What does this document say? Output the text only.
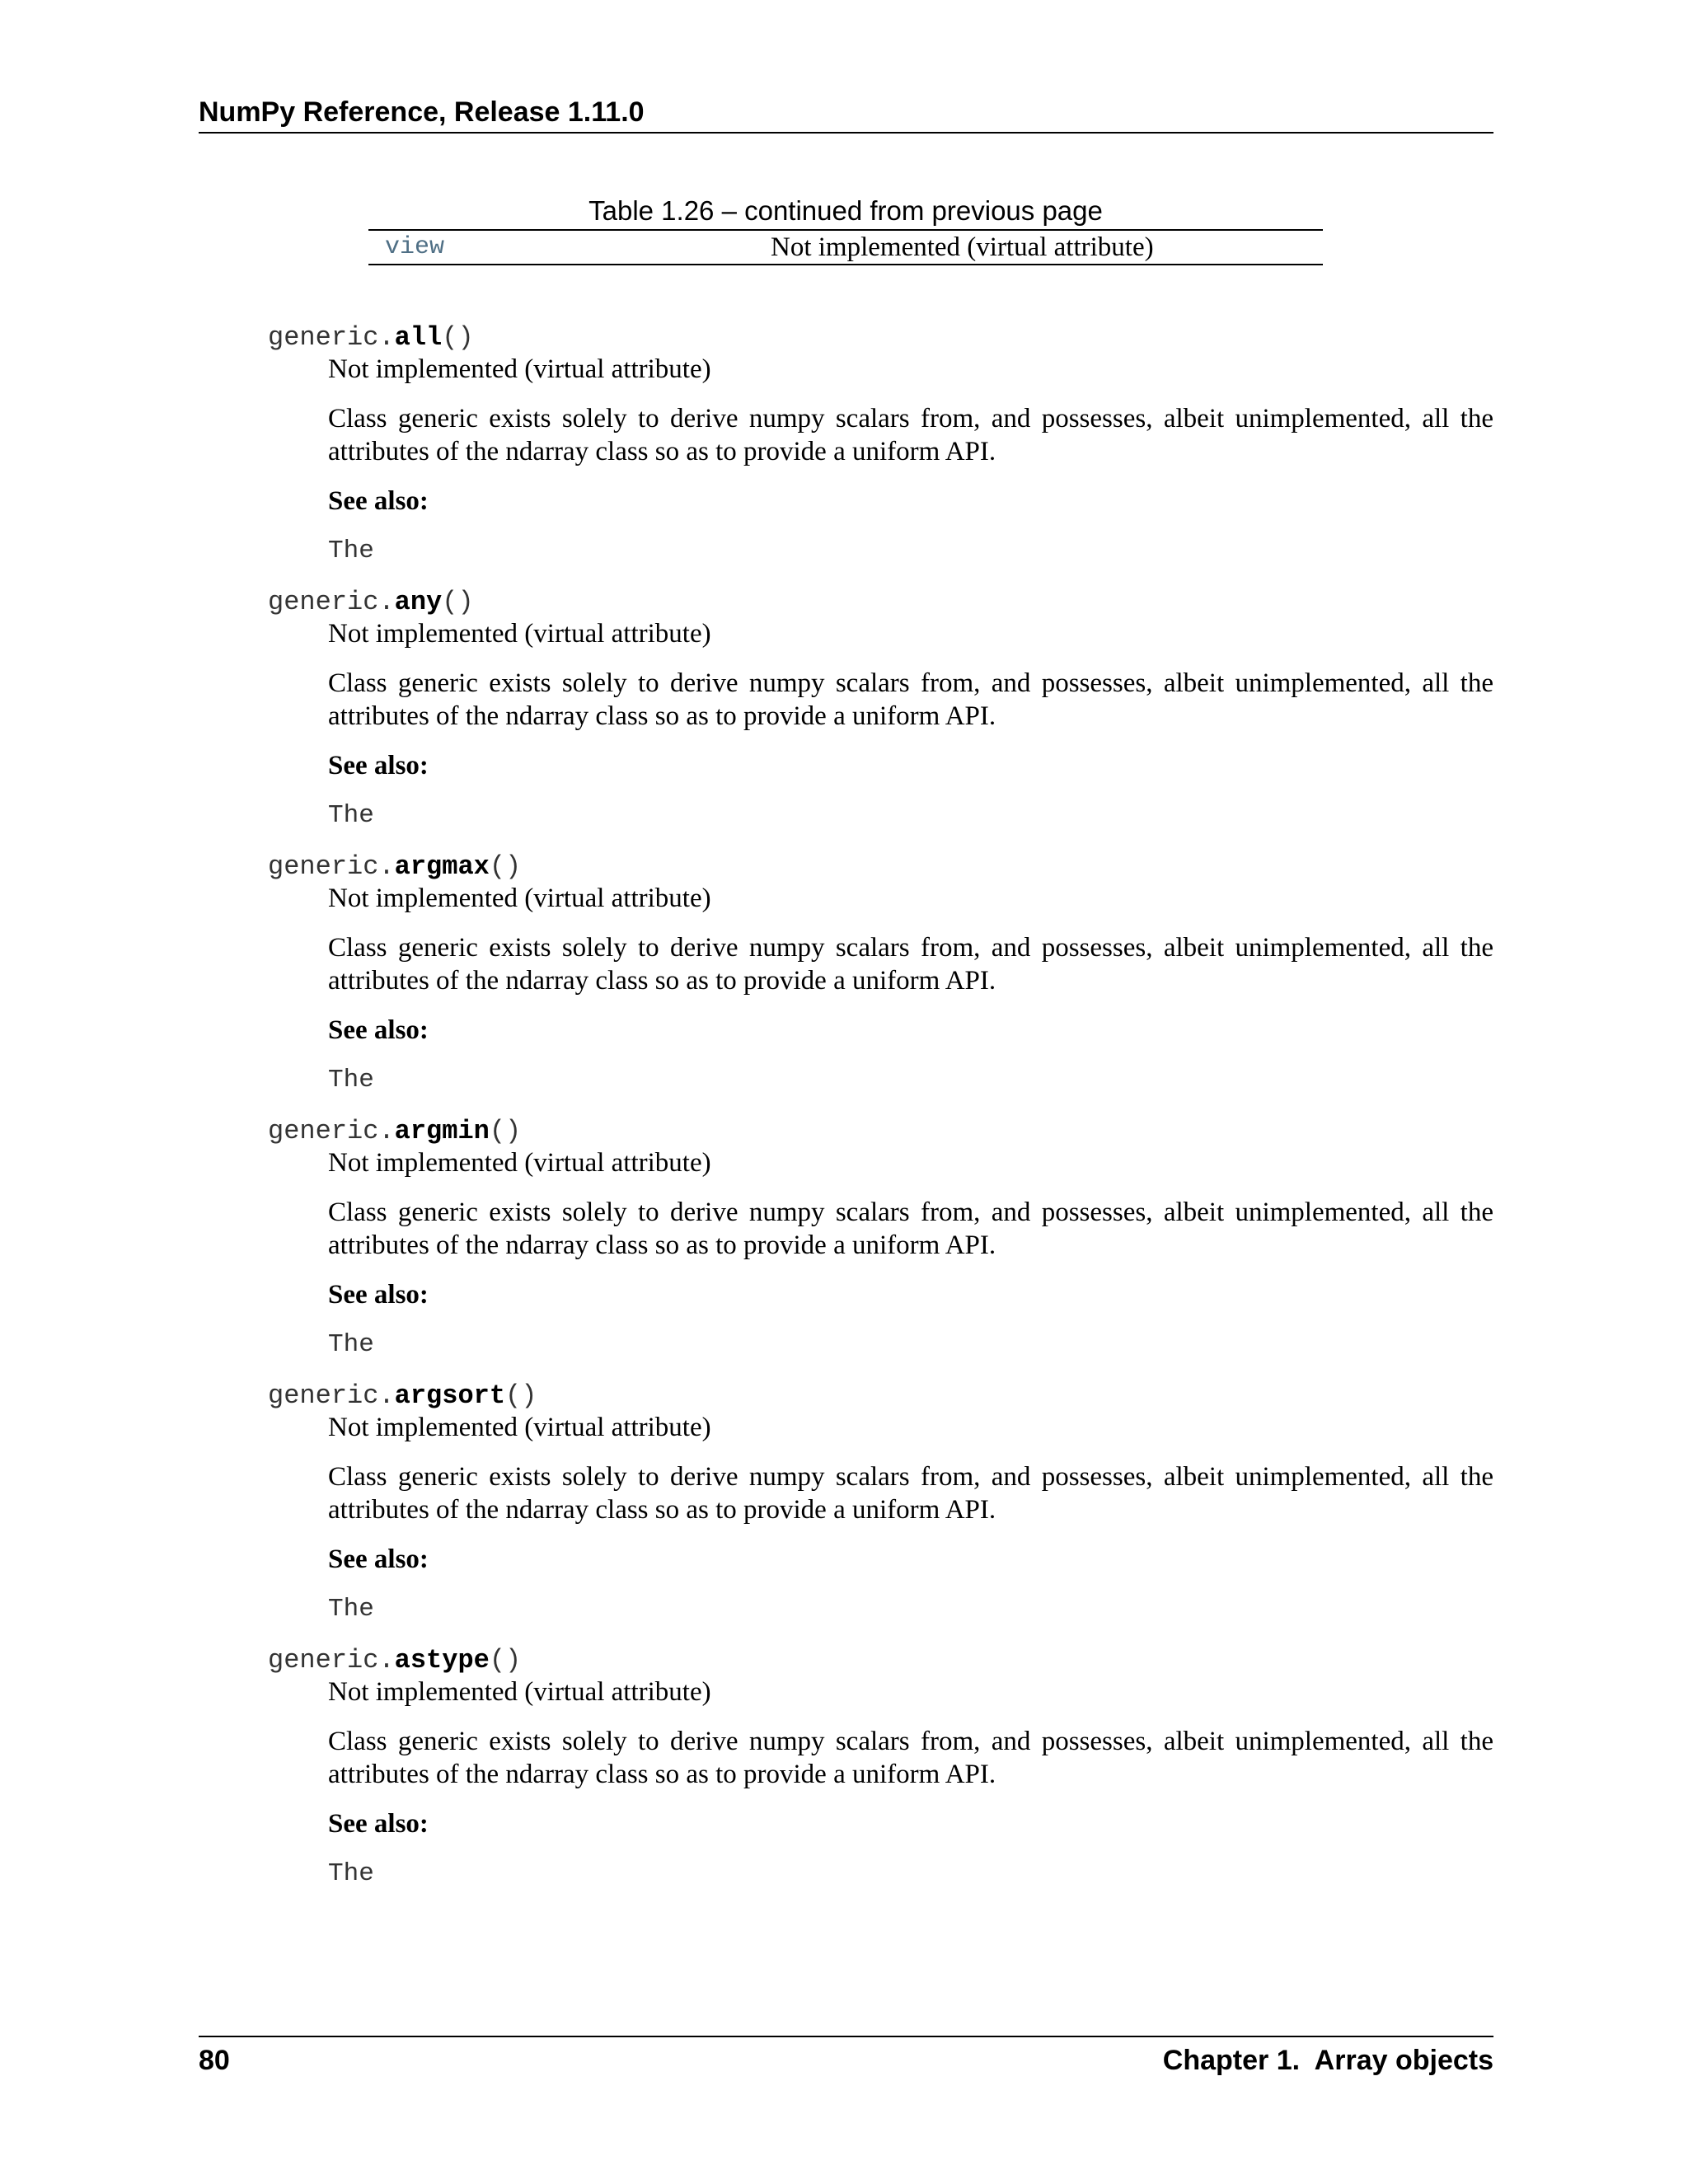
NumPy Reference, Release 1.11.0
Table 1.26 – continued from previous page
view	Not implemented (virtual attribute)
generic.all()
Not implemented (virtual attribute)
Class generic exists solely to derive numpy scalars from, and possesses, albeit unimplemented, all the attributes of the ndarray class so as to provide a uniform API.
See also:
The
generic.any()
Not implemented (virtual attribute)
Class generic exists solely to derive numpy scalars from, and possesses, albeit unimplemented, all the attributes of the ndarray class so as to provide a uniform API.
See also:
The
generic.argmax()
Not implemented (virtual attribute)
Class generic exists solely to derive numpy scalars from, and possesses, albeit unimplemented, all the attributes of the ndarray class so as to provide a uniform API.
See also:
The
generic.argmin()
Not implemented (virtual attribute)
Class generic exists solely to derive numpy scalars from, and possesses, albeit unimplemented, all the attributes of the ndarray class so as to provide a uniform API.
See also:
The
generic.argsort()
Not implemented (virtual attribute)
Class generic exists solely to derive numpy scalars from, and possesses, albeit unimplemented, all the attributes of the ndarray class so as to provide a uniform API.
See also:
The
generic.astype()
Not implemented (virtual attribute)
Class generic exists solely to derive numpy scalars from, and possesses, albeit unimplemented, all the attributes of the ndarray class so as to provide a uniform API.
See also:
The
80	Chapter 1.  Array objects
